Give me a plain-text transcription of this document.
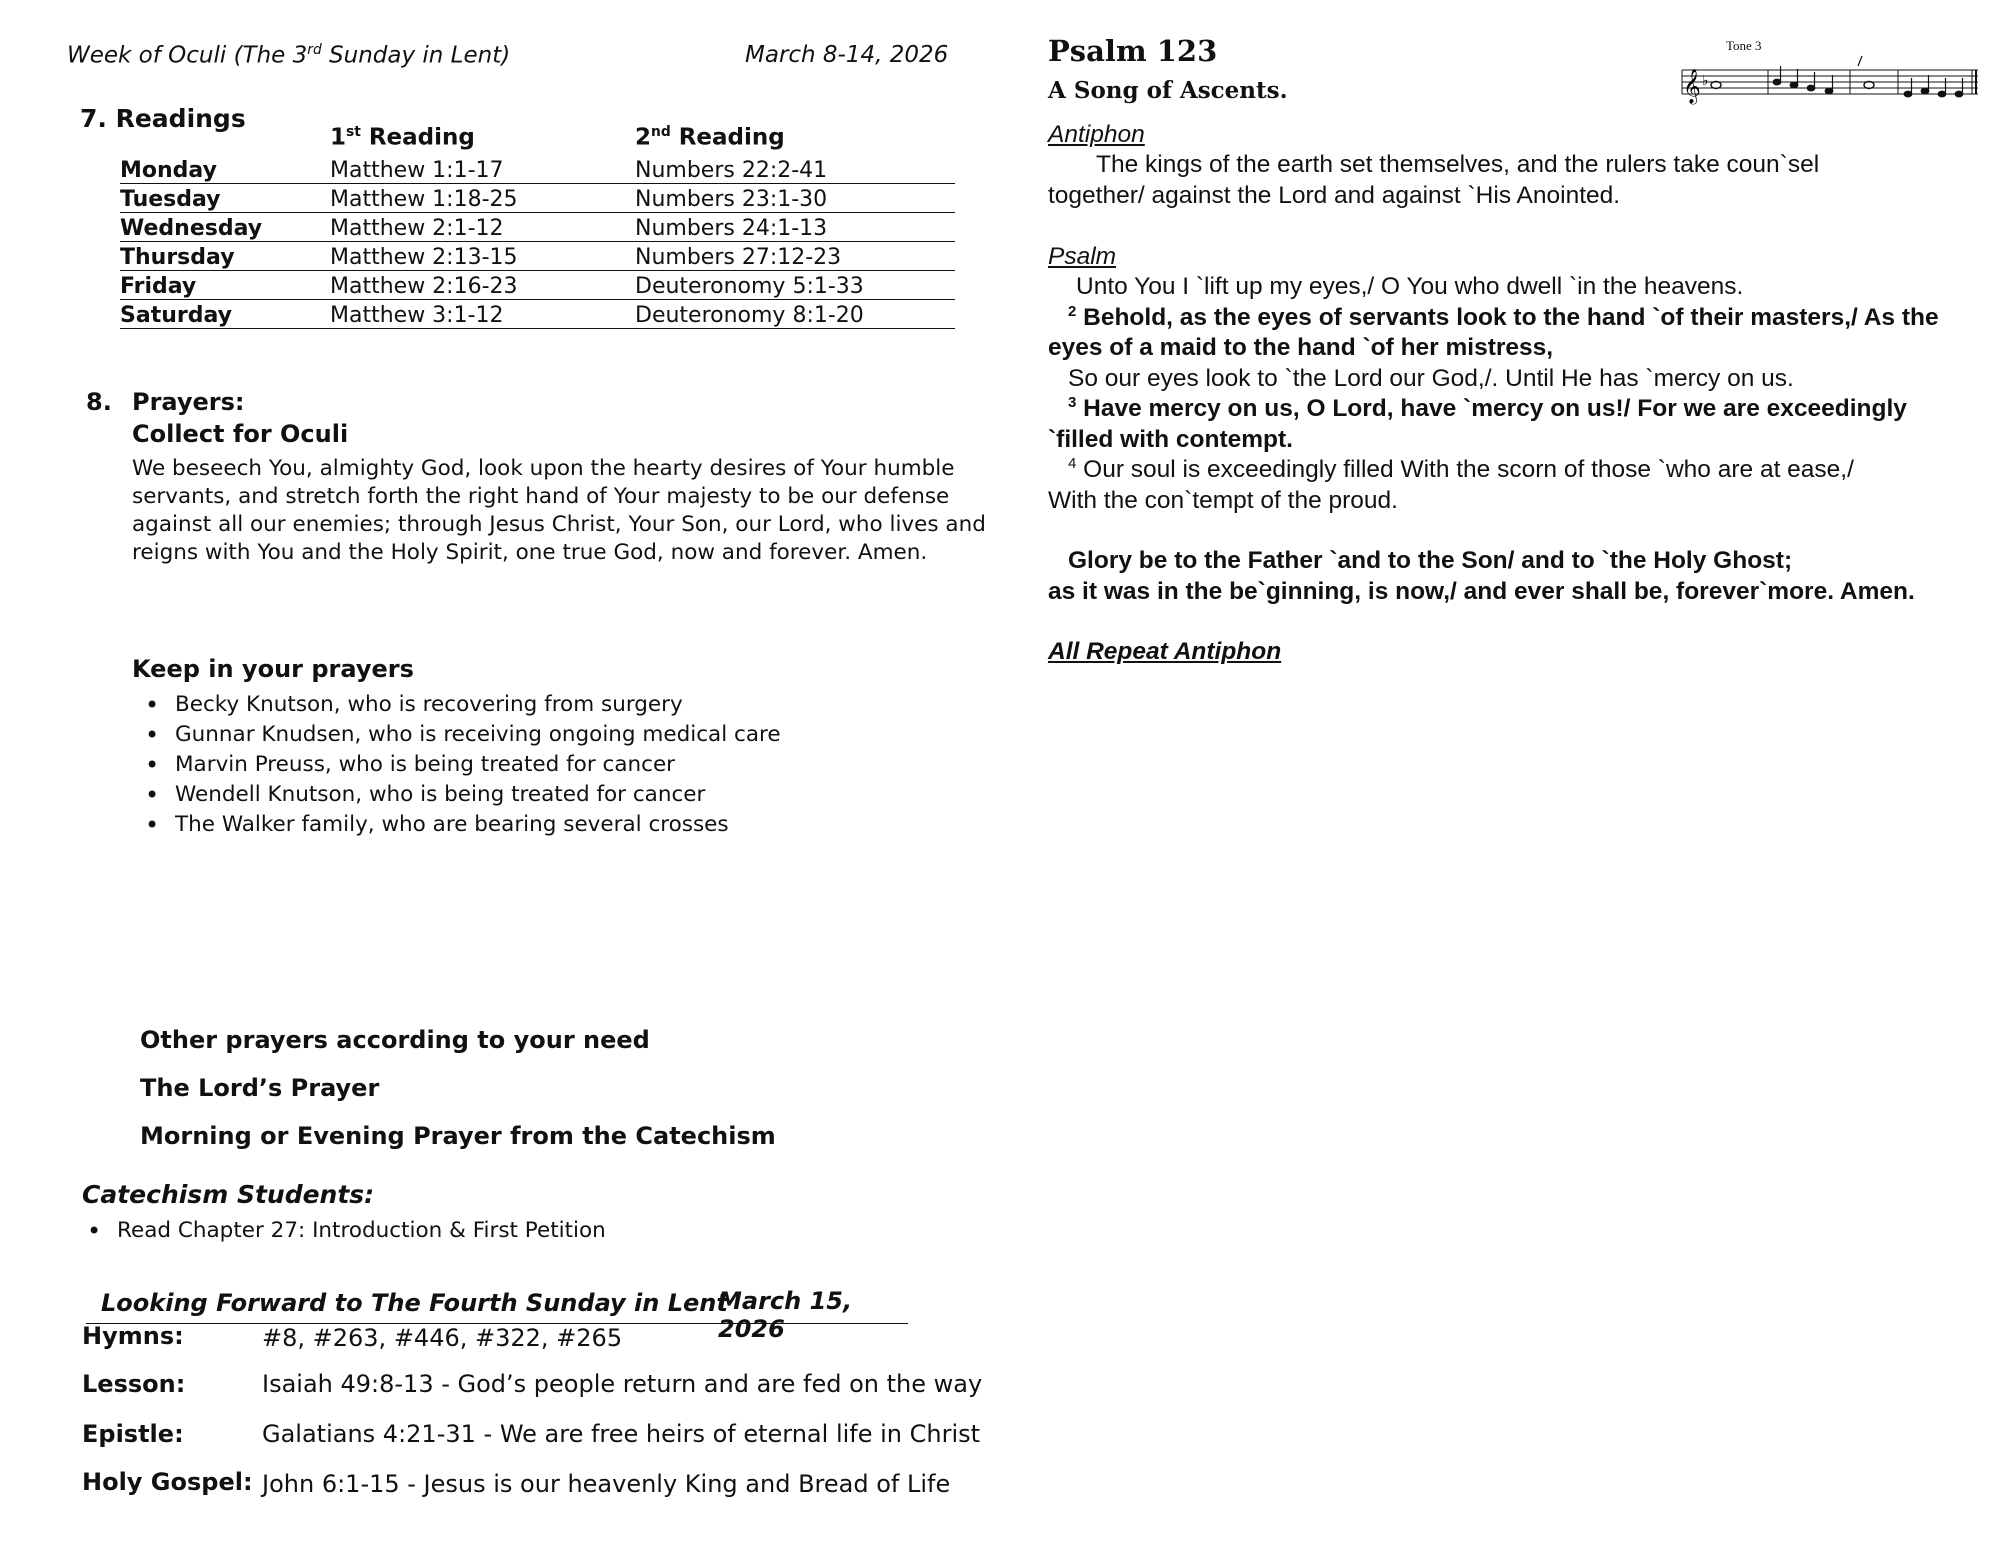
Week of Oculi (The 3rd Sunday in Lent)	March 8-14, 2026
7. Readings

1st Reading	2nd Reading
Monday	Matthew 1:1-17	Numbers 22:2-41
Tuesday	Matthew 1:18-25	Numbers 23:1-30
Wednesday	Matthew 2:1-12	Numbers 24:1-13
Thursday	Matthew 2:13-15	Numbers 27:12-23
Friday	Matthew 2:16-23	Deuteronomy 5:1-33
Saturday	Matthew 3:1-12	Deuteronomy 8:1-20
8. Prayers:
Collect for Oculi
We beseech You, almighty God, look upon the hearty desires of Your humble
servants, and stretch forth the right hand of Your majesty to be our defense
against all our enemies; through Jesus Christ, Your Son, our Lord, who lives and
reigns with You and the Holy Spirit, one true God, now and forever. Amen.
Keep in your prayers
• Becky Knutson, who is recovering from surgery
• Gunnar Knudsen, who is receiving ongoing medical care
• Marvin Preuss, who is being treated for cancer
• Wendell Knutson, who is being treated for cancer
• The Walker family, who are bearing several crosses
Other prayers according to your need
The Lord’s Prayer
Morning or Evening Prayer from the Catechism
Catechism Students:
• Read Chapter 27: Introduction & First Petition
Looking Forward to The Fourth Sunday in Lent
March 15, 2026
Hymns:	#8, #263, #446, #322, #265
Lesson:	Isaiah 49:8-13 - God’s people return and are fed on the way
Epistle:	Galatians 4:21-31 - We are free heirs of eternal life in Christ
Holy Gospel: John 6:1-15 - Jesus is our heavenly King and Bread of Life
Psalm 123
A Song of Ascents.
Tone 3
𝄞 ♭
Antiphon
The kings of the earth set themselves, and the rulers take coun`sel
together/ against the Lord and against `His Anointed.
Psalm
Unto You I `lift up my eyes,/ O You who dwell `in the heavens.
$^2$ Behold, as the eyes of servants look to the hand `of their masters,/ As the
eyes of a maid to the hand `of her mistress,
So our eyes look to `the Lord our God,/. Until He has `mercy on us.
$^3$ Have mercy on us, O Lord, have `mercy on us!/ For we are exceedingly
`filled with contempt.
$^4$ Our soul is exceedingly filled With the scorn of those `who are at ease,/
With the con`tempt of the proud.
Glory be to the Father `and to the Son/ and to `the Holy Ghost;
as it was in the be`ginning, is now,/ and ever shall be, forever`more. Amen.
All Repeat Antiphon
